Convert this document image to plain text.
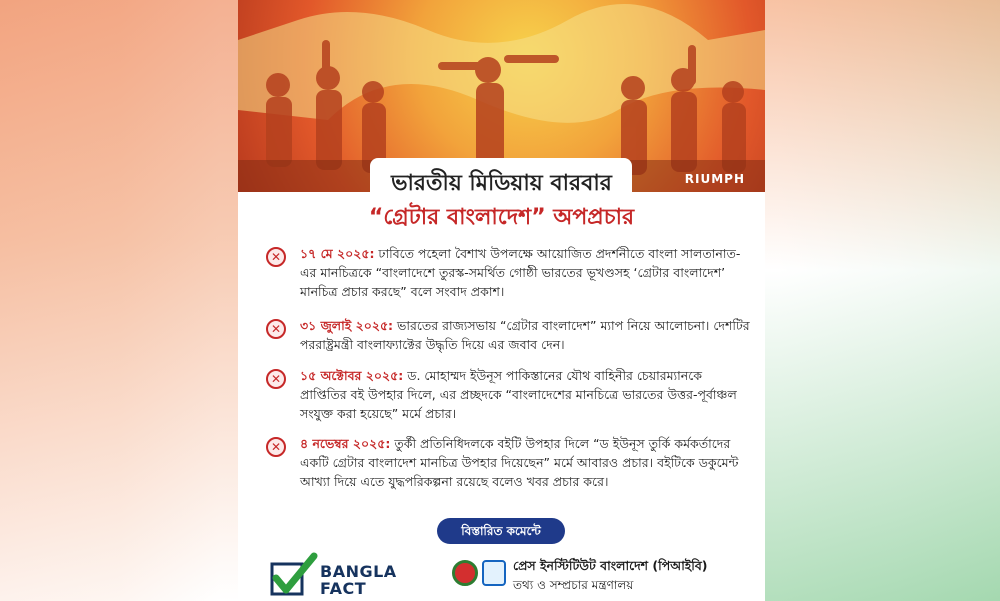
RIUMPH
ভারতীয় মিডিয়ায় বারবার
“গ্রেটার বাংলাদেশ” অপপ্রচার
✕	১৭ মে ২০২৫: ঢাবিতে পহেলা বৈশাখ উপলক্ষে আয়োজিত প্রদর্শনীতে বাংলা সালতানাত-এর মানচিত্রকে “বাংলাদেশে তুরস্ক-সমর্থিত গোষ্ঠী ভারতের ভূখণ্ডসহ ‘গ্রেটার বাংলাদেশ’ মানচিত্র প্রচার করছে” বলে সংবাদ প্রকাশ।
✕	৩১ জুলাই ২০২৫: ভারতের রাজ্যসভায় “গ্রেটার বাংলাদেশ” ম্যাপ নিয়ে আলোচনা। দেশটির পররাষ্ট্রমন্ত্রী বাংলাফ্যাক্টের উদ্ধৃতি দিয়ে এর জবাব দেন।
✕	১৫ অক্টোবর ২০২৫: ড. মোহাম্মদ ইউনূস পাকিস্তানের যৌথ বাহিনীর চেয়ারম্যানকে প্রাপ্তিতির বই উপহার দিলে, এর প্রচ্ছদকে “বাংলাদেশের মানচিত্রে ভারতের উত্তর-পূর্বাঞ্চল সংযুক্ত করা হয়েছে” মর্মে প্রচার।
✕	৪ নভেম্বর ২০২৫: তুর্কী প্রতিনিধিদলকে বইটি উপহার দিলে “ড ইউনূস তুর্কি কর্মকর্তাদের একটি গ্রেটার বাংলাদেশ মানচিত্র উপহার দিয়েছেন” মর্মে আবারও প্রচার। বইটিকে ডকুমেন্ট আখ্যা দিয়ে এতে যুদ্ধপরিকল্পনা রয়েছে বলেও খবর প্রচার করে।
বিস্তারিত কমেন্টে
BANGLA
FACT
প্রেস ইনস্টিটিউট বাংলাদেশ (পিআইবি)
তথ্য ও সম্প্রচার মন্ত্রণালয়
